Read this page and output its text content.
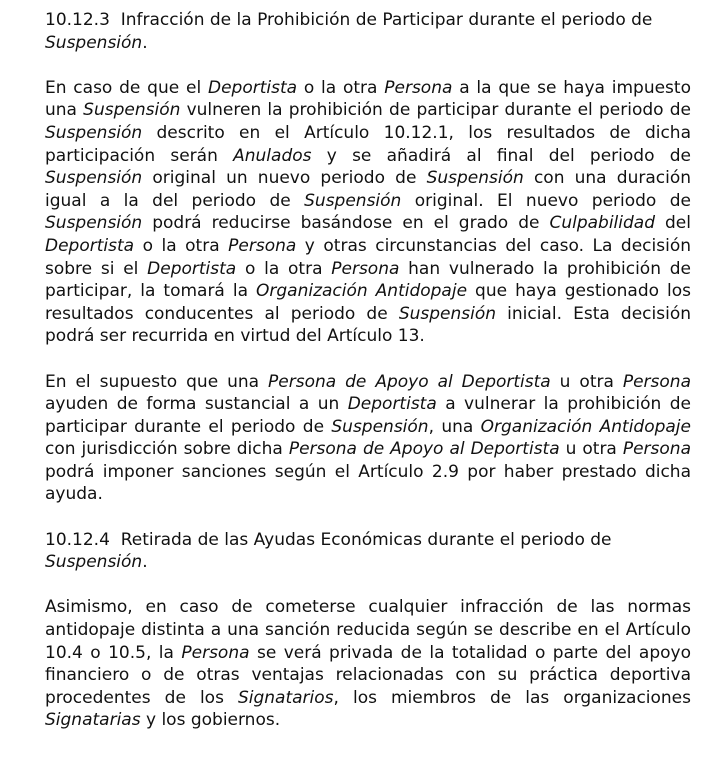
10.12.3 Infracción de la Prohibición de Participar durante el periodo de Suspensión.

En caso de que el Deportista o la otra Persona a la que se haya impuesto una Suspensión vulneren la prohibición de participar durante el periodo de Suspensión descrito en el Artículo 10.12.1, los resultados de dicha participación serán Anulados y se añadirá al final del periodo de Suspensión original un nuevo periodo de Suspensión con una duración igual a la del periodo de Suspensión original. El nuevo periodo de Suspensión podrá reducirse basándose en el grado de Culpabilidad del Deportista o la otra Persona y otras circunstancias del caso. La decisión sobre si el Deportista o la otra Persona han vulnerado la prohibición de participar, la tomará la Organización Antidopaje que haya gestionado los resultados conducentes al periodo de Suspensión inicial. Esta decisión podrá ser recurrida en virtud del Artículo 13.

En el supuesto que una Persona de Apoyo al Deportista u otra Persona ayuden de forma sustancial a un Deportista a vulnerar la prohibición de participar durante el periodo de Suspensión, una Organización Antidopaje con jurisdicción sobre dicha Persona de Apoyo al Deportista u otra Persona podrá imponer sanciones según el Artículo 2.9 por haber prestado dicha ayuda.

10.12.4 Retirada de las Ayudas Económicas durante el periodo de Suspensión.

Asimismo, en caso de cometerse cualquier infracción de las normas antidopaje distinta a una sanción reducida según se describe en el Artículo 10.4 o 10.5, la Persona se verá privada de la totalidad o parte del apoyo financiero o de otras ventajas relacionadas con su práctica deportiva procedentes de los Signatarios, los miembros de las organizaciones Signatarias y los gobiernos.
